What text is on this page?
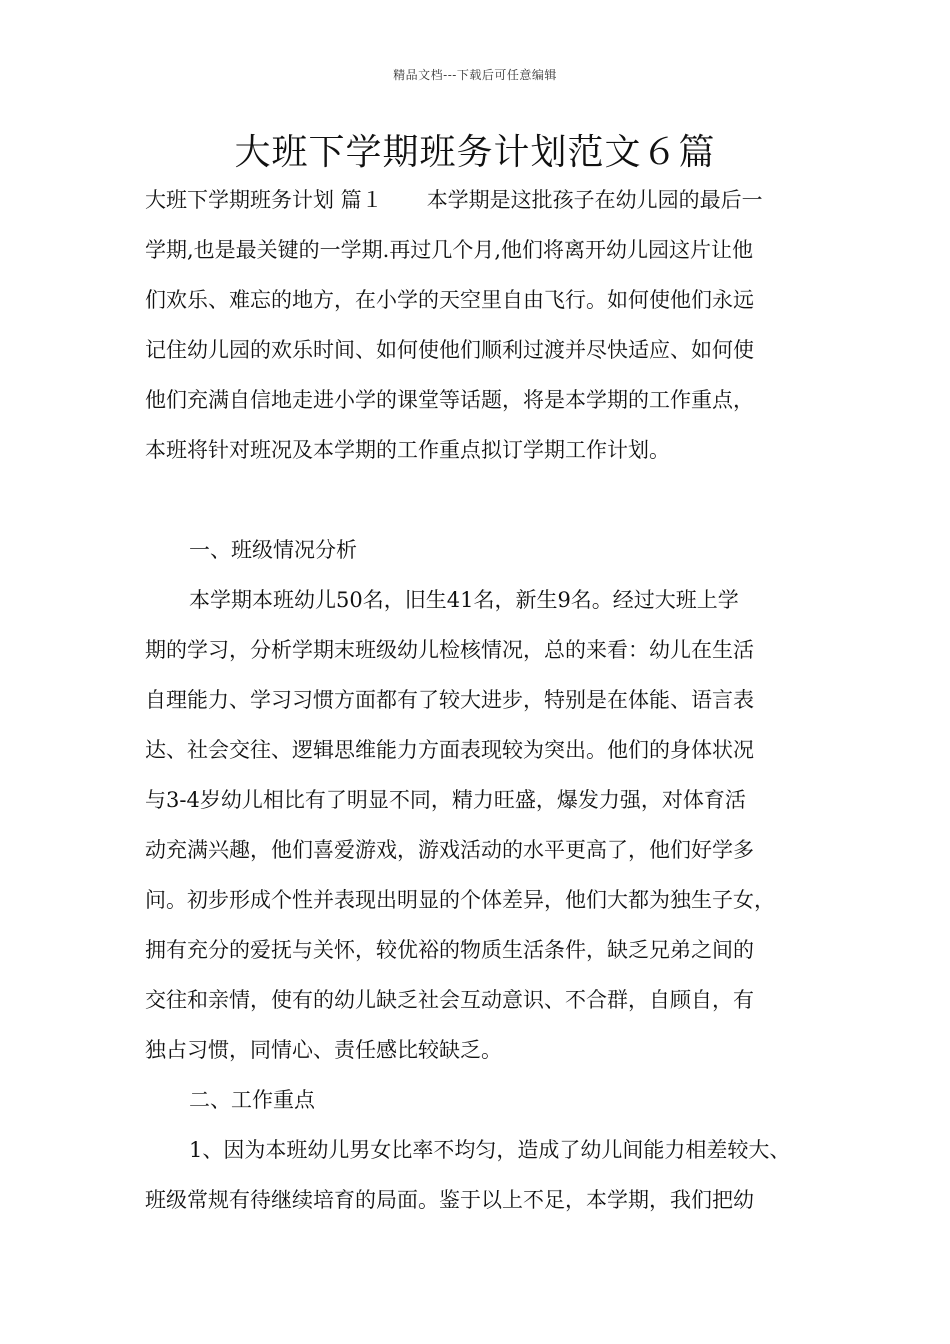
精品文档---下载后可任意编辑
大班下学期班务计划范文６篇
大班下学期班务计划 篇１ 本学期是这批孩子在幼儿园的最后一
学期,也是最关键的一学期.再过几个月,他们将离开幼儿园这片让他
们欢乐、难忘的地方，在小学的天空里自由飞行。如何使他们永远
记住幼儿园的欢乐时间、如何使他们顺利过渡并尽快适应、如何使
他们充满自信地走进小学的课堂等话题，将是本学期的工作重点，
本班将针对班况及本学期的工作重点拟订学期工作计划。
一、班级情况分析
本学期本班幼儿50名，旧生41名，新生9名。经过大班上学
期的学习，分析学期末班级幼儿检核情况，总的来看：幼儿在生活
自理能力、学习习惯方面都有了较大进步，特别是在体能、语言表
达、社会交往、逻辑思维能力方面表现较为突出。他们的身体状况
与3-4岁幼儿相比有了明显不同，精力旺盛，爆发力强，对体育活
动充满兴趣，他们喜爱游戏，游戏活动的水平更高了，他们好学多
问。初步形成个性并表现出明显的个体差异，他们大都为独生子女，
拥有充分的爱抚与关怀，较优裕的物质生活条件，缺乏兄弟之间的
交往和亲情，使有的幼儿缺乏社会互动意识、不合群，自顾自，有
独占习惯，同情心、责任感比较缺乏。
二、工作重点
1、因为本班幼儿男女比率不均匀，造成了幼儿间能力相差较大、
班级常规有待继续培育的局面。鉴于以上不足，本学期，我们把幼
